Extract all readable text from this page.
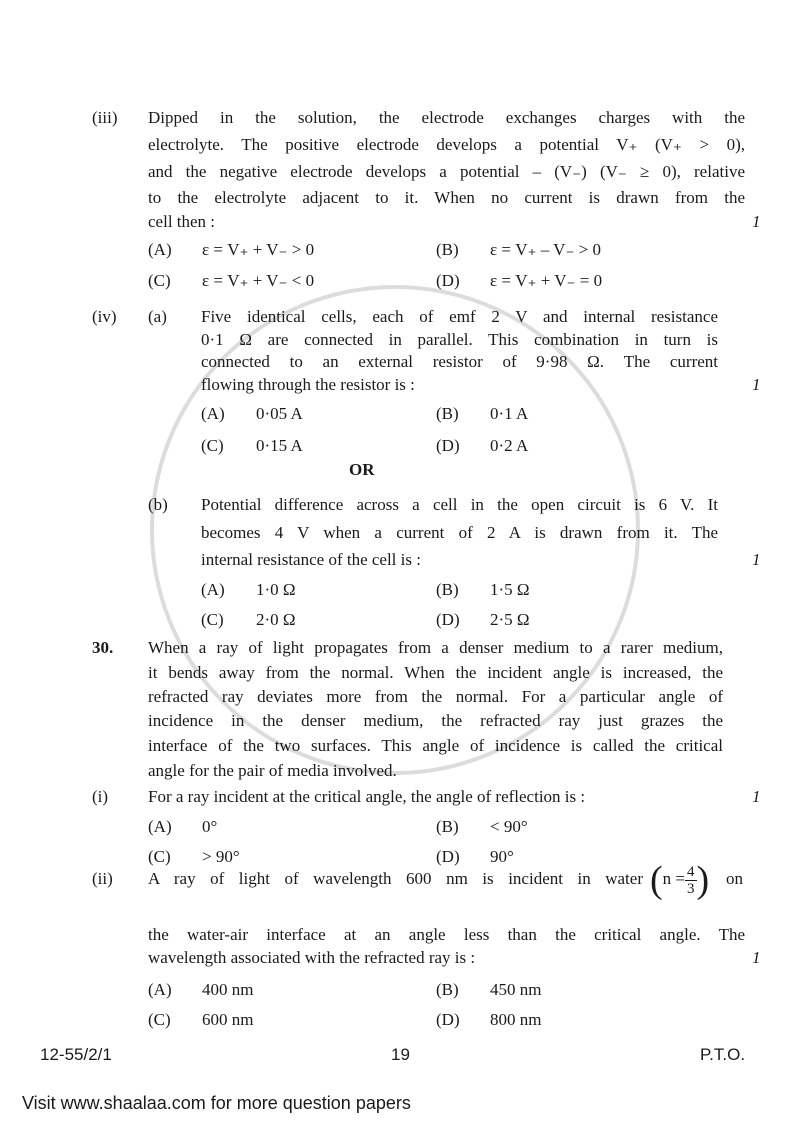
(iii) Dipped in the solution, the electrode exchanges charges with the
electrolyte. The positive electrode develops a potential V₊ (V₊ > 0),
and the negative electrode develops a potential – (V₋) (V₋ ≥ 0), relative
to the electrolyte adjacent to it. When no current is drawn from the
cell then :	1
(A) ε = V₊ + V₋ > 0	(B) ε = V₊ – V₋ > 0
(C) ε = V₊ + V₋ < 0	(D) ε = V₊ + V₋ = 0
(iv) (a) Five identical cells, each of emf 2 V and internal resistance
0·1 Ω are connected in parallel. This combination in turn is
connected to an external resistor of 9·98 Ω. The current
flowing through the resistor is :	1
(A) 0·05 A	(B) 0·1 A
(C) 0·15 A	(D) 0·2 A
OR
(b) Potential difference across a cell in the open circuit is 6 V. It
becomes 4 V when a current of 2 A is drawn from it. The
internal resistance of the cell is :	1
(A) 1·0 Ω	(B) 1·5 Ω
(C) 2·0 Ω	(D) 2·5 Ω
30. When a ray of light propagates from a denser medium to a rarer medium,
it bends away from the normal. When the incident angle is increased, the
refracted ray deviates more from the normal. For a particular angle of
incidence in the denser medium, the refracted ray just grazes the
interface of the two surfaces. This angle of incidence is called the critical
angle for the pair of media involved.
(i) For a ray incident at the critical angle, the angle of reflection is :	1
(A) 0°	(B) < 90°
(C) > 90°	(D) 90°
(ii) A ray of light of wavelength 600 nm is incident in water ($n = \frac{4}{3}$ ) on
the water-air interface at an angle less than the critical angle. The
wavelength associated with the refracted ray is :	1
(A) 400 nm	(B) 450 nm
(C) 600 nm	(D) 800 nm
12-55/2/1	19	P.T.O.
Visit www.shaalaa.com for more question papers
